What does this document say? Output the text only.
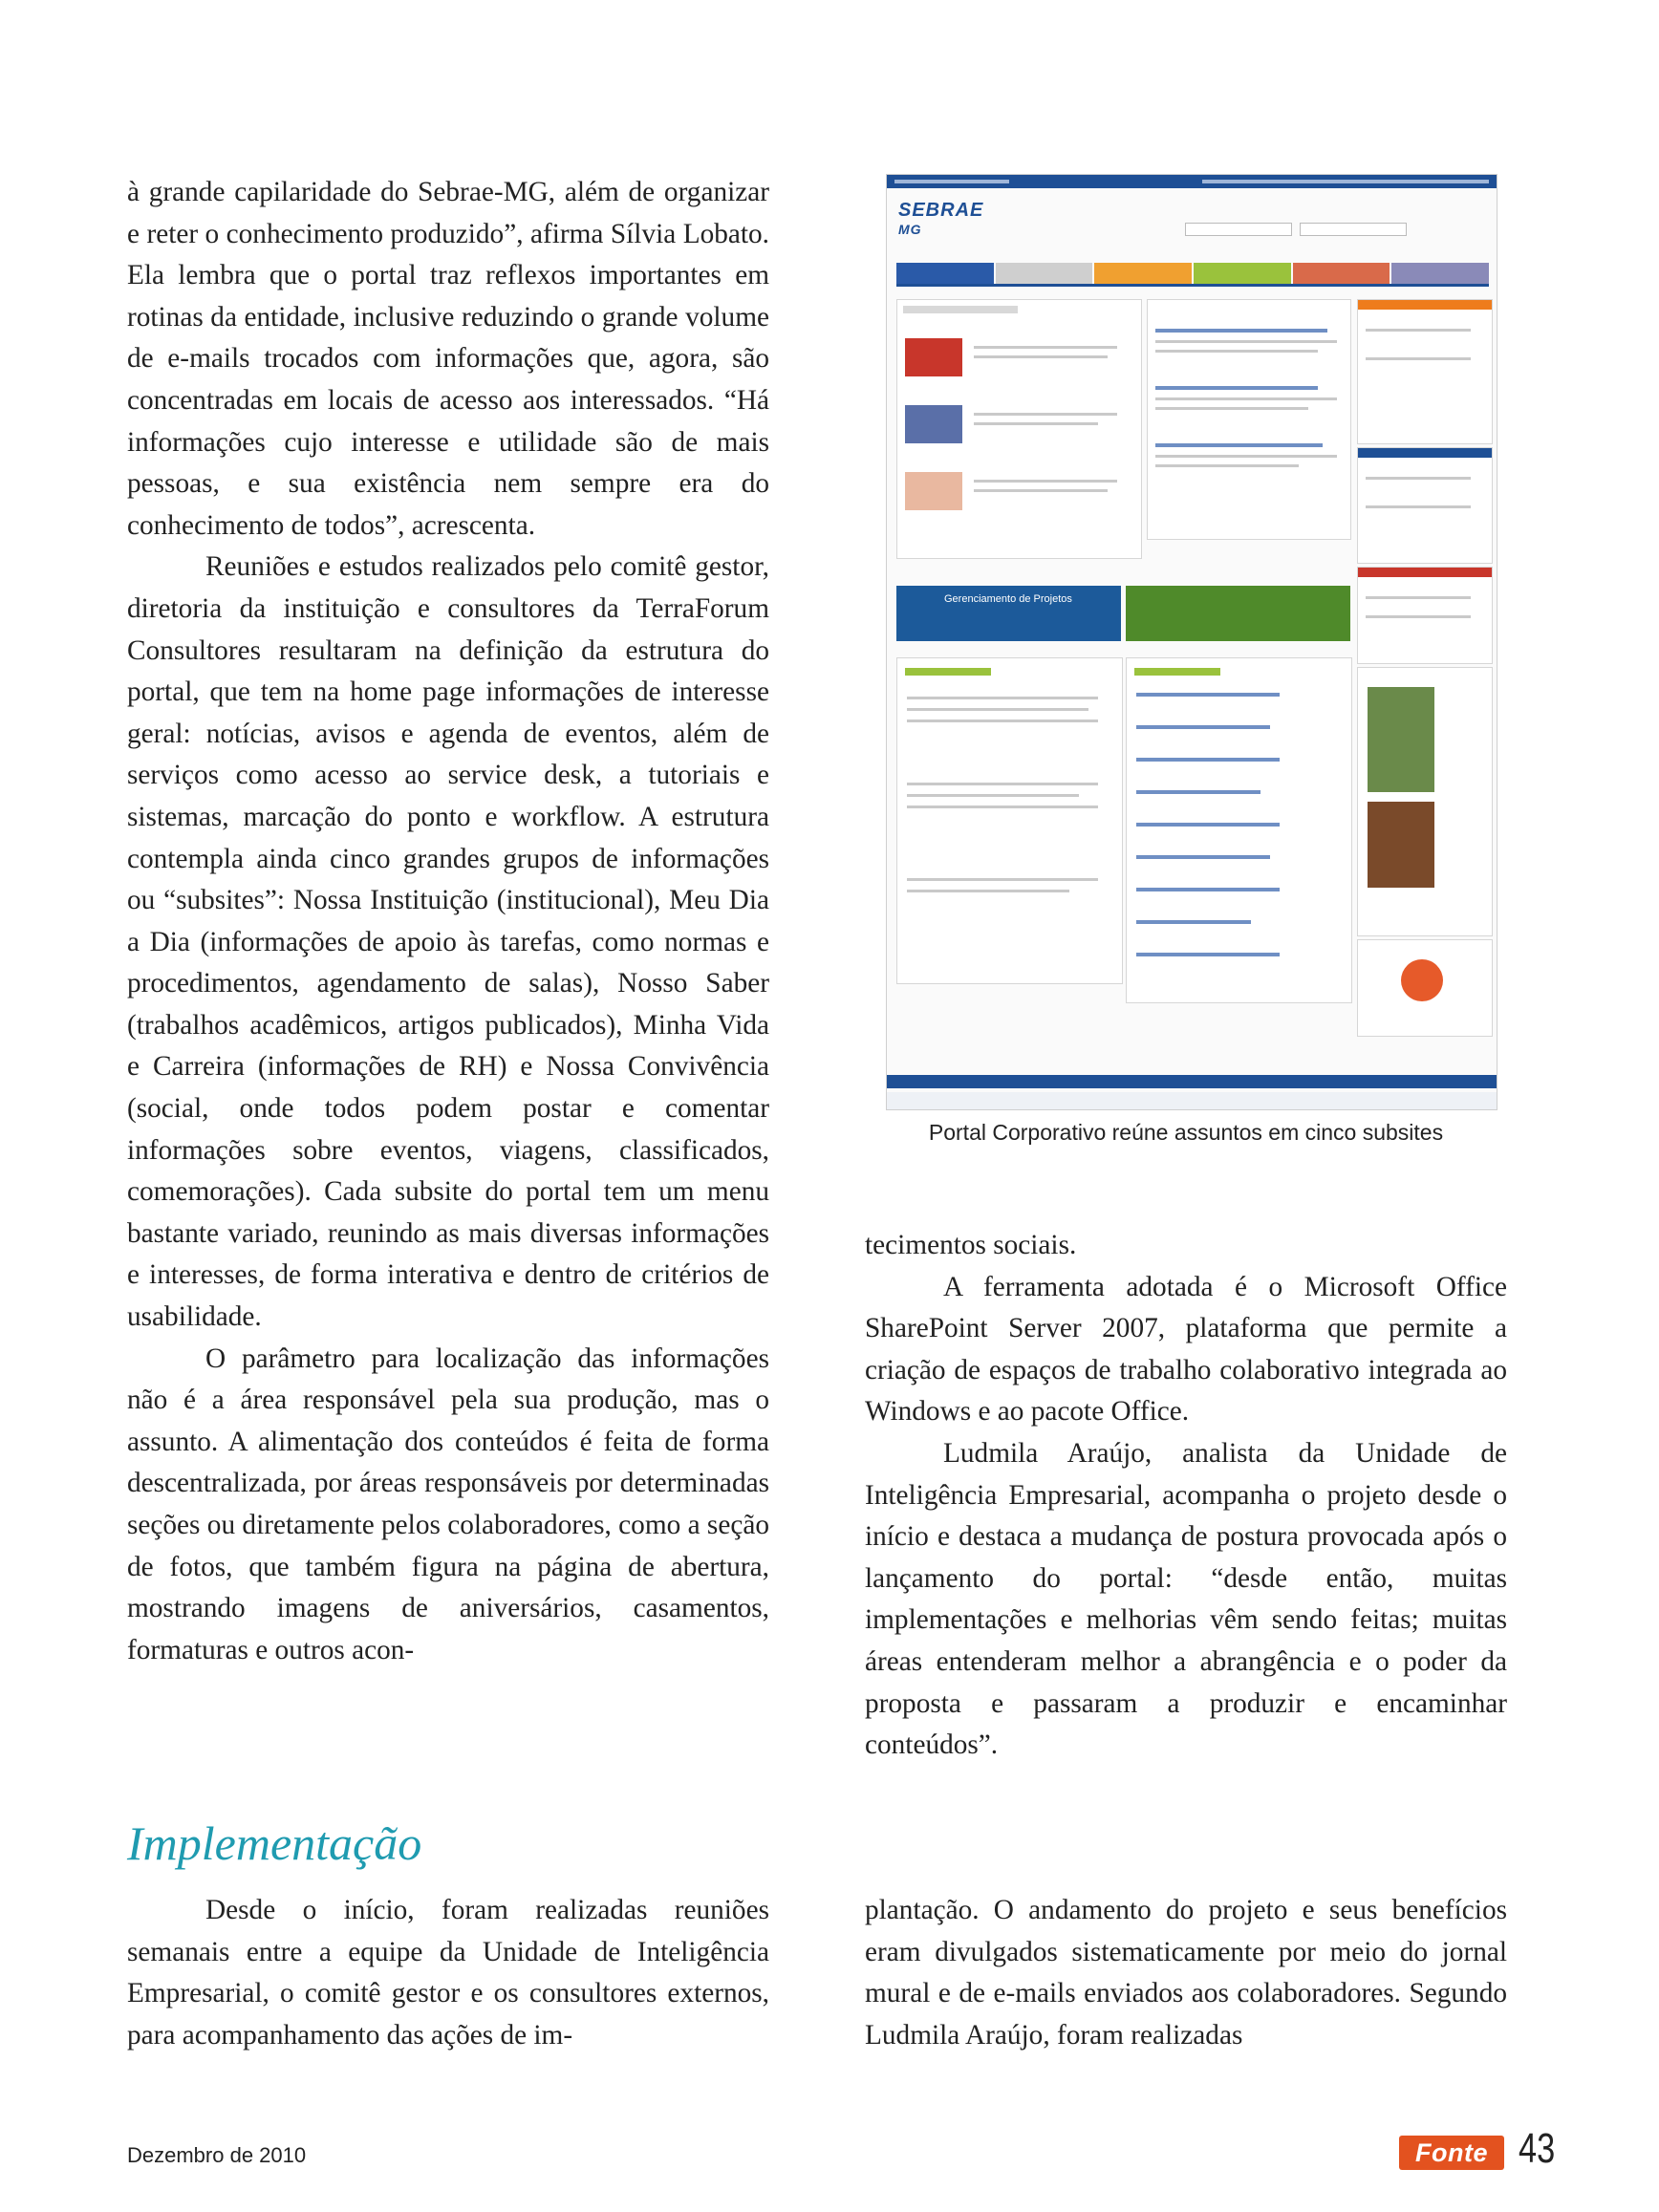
à grande capilaridade do Sebrae-MG, além de organizar e reter o conhecimento produzido”, afirma Sílvia Lobato. Ela lembra que o portal traz reflexos importantes em rotinas da entidade, inclusive reduzindo o grande volume de e-mails trocados com informações que, agora, são concentradas em locais de acesso aos interessados. “Há informações cujo interesse e utilidade são de mais pessoas, e sua existência nem sempre era do conhecimento de todos”, acrescenta.

Reuniões e estudos realizados pelo comitê gestor, diretoria da instituição e consultores da TerraForum Consultores resultaram na definição da estrutura do portal, que tem na home page informações de interesse geral: notícias, avisos e agenda de eventos, além de serviços como acesso ao service desk, a tutoriais e sistemas, marcação do ponto e workflow. A estrutura contempla ainda cinco grandes grupos de informações ou “subsites”: Nossa Instituição (institucional), Meu Dia a Dia (informações de apoio às tarefas, como normas e procedimentos, agendamento de salas), Nosso Saber (trabalhos acadêmicos, artigos publicados), Minha Vida e Carreira (informações de RH) e Nossa Convivência (social, onde todos podem postar e comentar informações sobre eventos, viagens, classificados, comemorações). Cada subsite do portal tem um menu bastante variado, reunindo as mais diversas informações e interesses, de forma interativa e dentro de critérios de usabilidade.

O parâmetro para localização das informações não é a área responsável pela sua produção, mas o assunto. A alimentação dos conteúdos é feita de forma descentralizada, por áreas responsáveis por determinadas seções ou diretamente pelos colaboradores, como a seção de fotos, que também figura na página de abertura, mostrando imagens de aniversários, casamentos, formaturas e outros acon-

SEBRAE
MG
Gerenciamento de Projetos
Portal Corporativo reúne assuntos em cinco subsites

tecimentos sociais.

A ferramenta adotada é o Microsoft Office SharePoint Server 2007, plataforma que permite a criação de espaços de trabalho colaborativo integrada ao Windows e ao pacote Office.

Ludmila Araújo, analista da Unidade de Inteligência Empresarial, acompanha o projeto desde o início e destaca a mudança de postura provocada após o lançamento do portal: “desde então, muitas implementações e melhorias vêm sendo feitas; muitas áreas entenderam melhor a abrangência e o poder da proposta e passaram a produzir e encaminhar conteúdos”.

Implementação

Desde o início, foram realizadas reuniões semanais entre a equipe da Unidade de Inteligência Empresarial, o comitê gestor e os consultores externos, para acompanhamento das ações de im-

plantação. O andamento do projeto e seus benefícios eram divulgados sistematicamente por meio do jornal mural e de e-mails enviados aos colaboradores. Segundo Ludmila Araújo, foram realizadas

Dezembro de 2010	Fonte 43
